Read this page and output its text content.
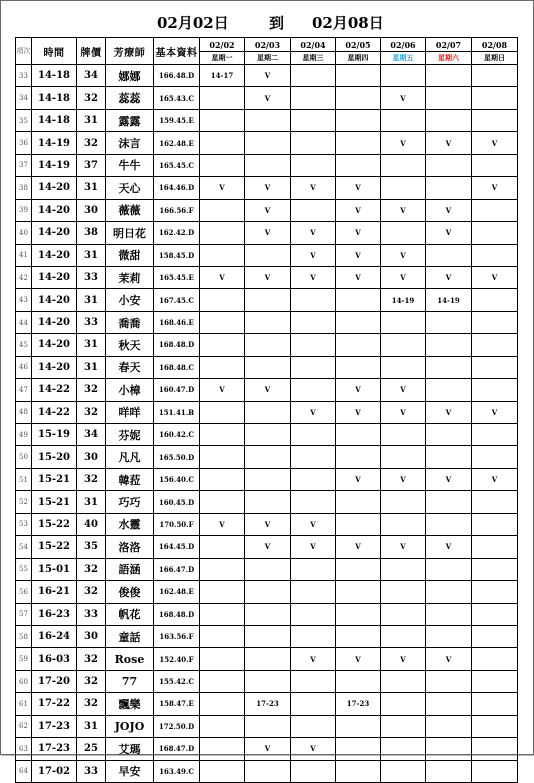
02月02日	到 02月08日
項次	時間	牌價	芳療師	基本資料	02/02	02/03	02/04	02/05	02/06	02/07	02/08
					星期一	星期二	星期三	星期四	星期五	星期六	星期日
33	14-18	34	娜娜	166.48.D	14-17	V					
34	14-18	32	蕊蕊	165.43.C		V			V		
35	14-18	31	露露	159.45.E							
36	14-19	32	沫言	162.48.E					V	V	V
37	14-19	37	牛牛	165.45.C							
38	14-20	31	天心	164.46.D	V	V	V	V			V
39	14-20	30	薇薇	166.56.F		V		V	V	V	
40	14-20	38	明日花	162.42.D		V	V	V		V	
41	14-20	31	微甜	158.45.D			V	V	V		
42	14-20	33	茉莉	165.45.E	V	V	V	V	V	V	V
43	14-20	31	小安	167.45.C					14-19	14-19	
44	14-20	33	喬喬	168.46.E							
45	14-20	31	秋天	168.48.D							
46	14-20	31	春天	168.48.C							
47	14-22	32	小樟	160.47.D	V	V		V	V		
48	14-22	32	咩咩	151.41.B			V	V	V	V	V
49	15-19	34	芬妮	160.42.C							
50	15-20	30	凡凡	165.50.D							
51	15-21	32	韓菈	156.40.C				V	V	V	V
52	15-21	31	巧巧	160.45.D							
53	15-22	40	水靈	170.50.F	V	V	V				
54	15-22	35	洛洛	164.45.D		V	V	V	V	V	
55	15-01	32	語涵	166.47.D							
56	16-21	32	俊俊	162.48.E							
57	16-23	33	帆花	168.48.D							
58	16-24	30	童話	163.56.F							
59	16-03	32	Rose	152.40.F			V	V	V	V	
60	17-20	32	77	155.42.C							
61	17-22	32	飄樂	158.47.E		17-23		17-23			
62	17-23	31	JOJO	172.50.D							
63	17-23	25	艾瑪	168.47.D		V	V				
64	17-02	33	早安	163.49.C							
